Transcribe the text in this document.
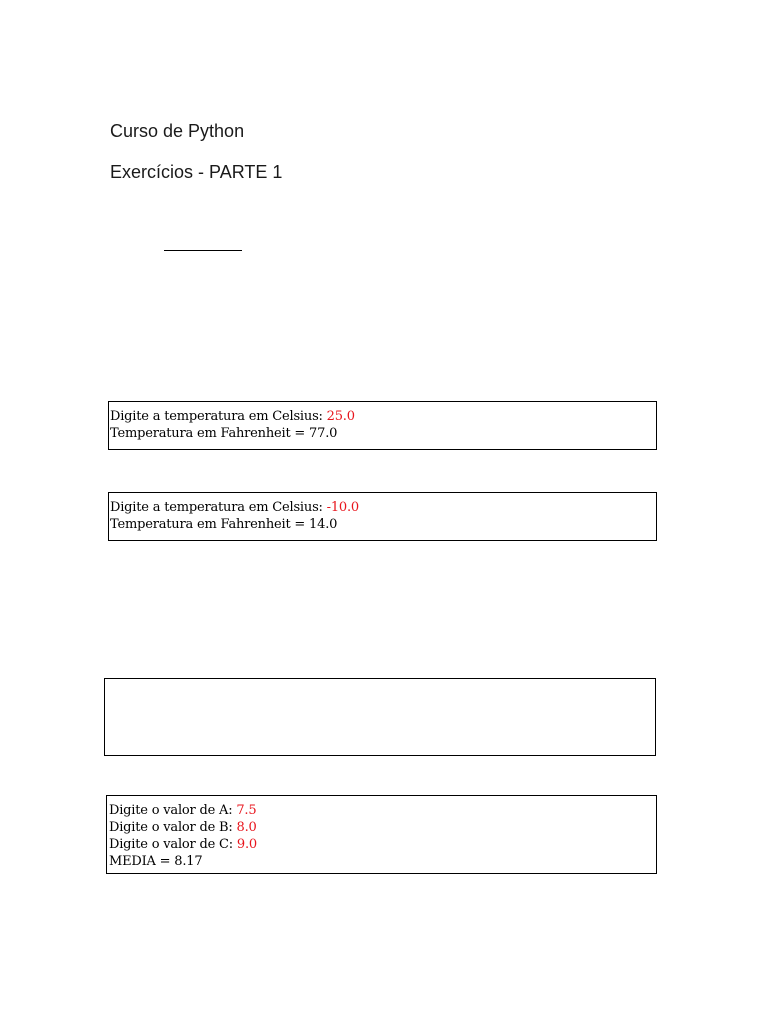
Curso de Python
Exercícios - PARTE 1
Digite a temperatura em Celsius: 25.0
Temperatura em Fahrenheit = 77.0
Digite a temperatura em Celsius: -10.0
Temperatura em Fahrenheit = 14.0
Digite o valor de A: 7.5
Digite o valor de B: 8.0
Digite o valor de C: 9.0
MEDIA = 8.17
